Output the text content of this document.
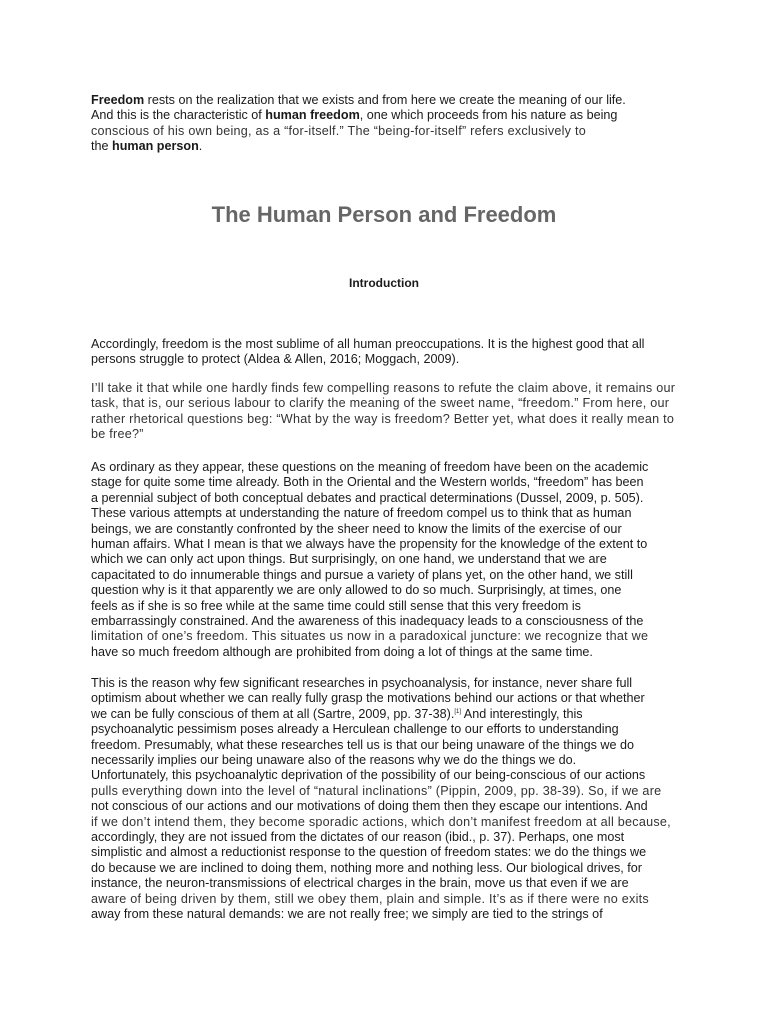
Freedom rests on the realization that we exists and from here we create the meaning of our life.
And this is the characteristic of human freedom, one which proceeds from his nature as being
conscious of his own being, as a “for-itself.” The “being-for-itself” refers exclusively to
the human person.
The Human Person and Freedom
Introduction
Accordingly, freedom is the most sublime of all human preoccupations. It is the highest good that all
persons struggle to protect (Aldea & Allen, 2016; Moggach, 2009).
I’ll take it that while one hardly finds few compelling reasons to refute the claim above, it remains our
task, that is, our serious labour to clarify the meaning of the sweet name, “freedom.” From here, our
rather rhetorical questions beg: “What by the way is freedom? Better yet, what does it really mean to
be free?”
As ordinary as they appear, these questions on the meaning of freedom have been on the academic
stage for quite some time already. Both in the Oriental and the Western worlds, “freedom” has been
a perennial subject of both conceptual debates and practical determinations (Dussel, 2009, p. 505).
These various attempts at understanding the nature of freedom compel us to think that as human
beings, we are constantly confronted by the sheer need to know the limits of the exercise of our
human affairs. What I mean is that we always have the propensity for the knowledge of the extent to
which we can only act upon things. But surprisingly, on one hand, we understand that we are
capacitated to do innumerable things and pursue a variety of plans yet, on the other hand, we still
question why is it that apparently we are only allowed to do so much. Surprisingly, at times, one
feels as if she is so free while at the same time could still sense that this very freedom is
embarrassingly constrained. And the awareness of this inadequacy leads to a consciousness of the
limitation of one’s freedom. This situates us now in a paradoxical juncture: we recognize that we
have so much freedom although are prohibited from doing a lot of things at the same time.
This is the reason why few significant researches in psychoanalysis, for instance, never share full
optimism about whether we can really fully grasp the motivations behind our actions or that whether
we can be fully conscious of them at all (Sartre, 2009, pp. 37-38).[1] And interestingly, this
psychoanalytic pessimism poses already a Herculean challenge to our efforts to understanding
freedom. Presumably, what these researches tell us is that our being unaware of the things we do
necessarily implies our being unaware also of the reasons why we do the things we do.
Unfortunately, this psychoanalytic deprivation of the possibility of our being-conscious of our actions
pulls everything down into the level of “natural inclinations” (Pippin, 2009, pp. 38-39). So, if we are
not conscious of our actions and our motivations of doing them then they escape our intentions. And
if we don’t intend them, they become sporadic actions, which don’t manifest freedom at all because,
accordingly, they are not issued from the dictates of our reason (ibid., p. 37). Perhaps, one most
simplistic and almost a reductionist response to the question of freedom states: we do the things we
do because we are inclined to doing them, nothing more and nothing less. Our biological drives, for
instance, the neuron-transmissions of electrical charges in the brain, move us that even if we are
aware of being driven by them, still we obey them, plain and simple. It’s as if there were no exits
away from these natural demands: we are not really free; we simply are tied to the strings of
